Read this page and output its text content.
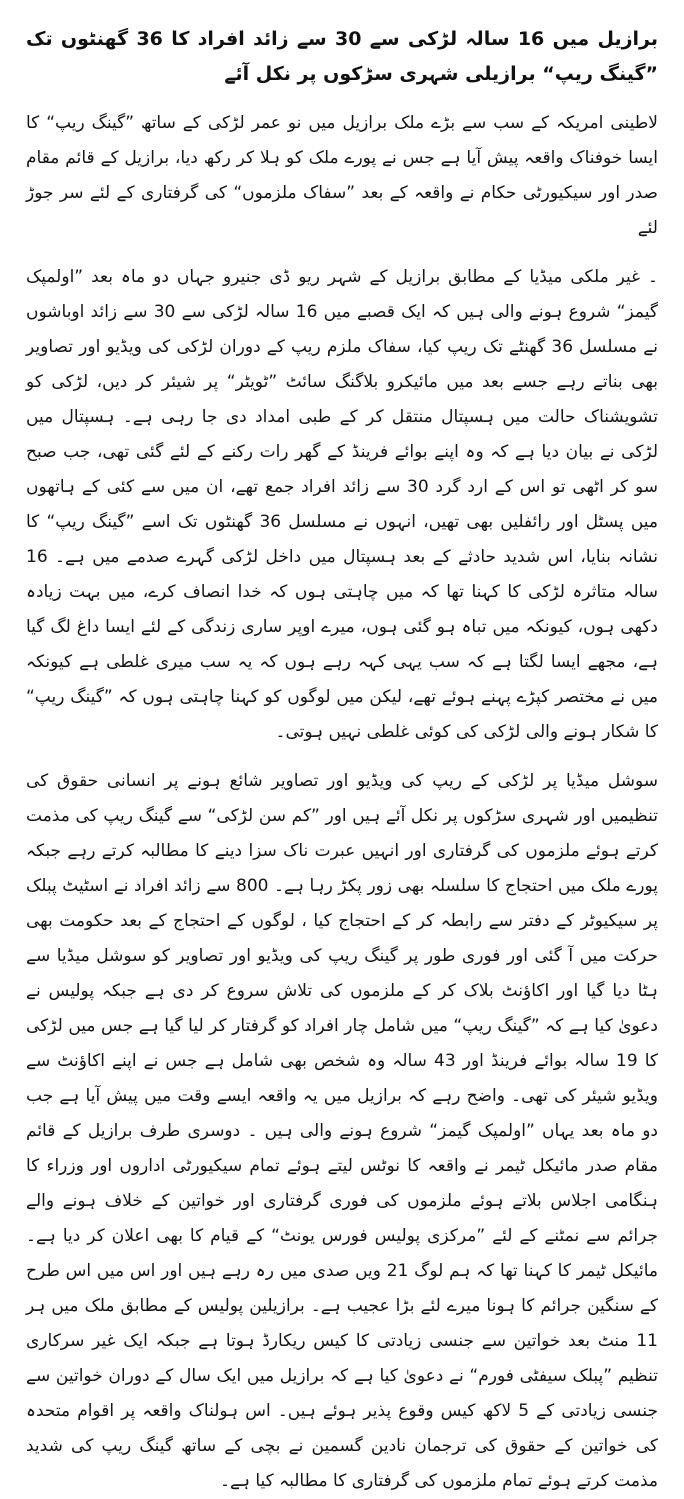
برازیل میں 16 سالہ لڑکی سے 30 سے زائد افراد کا 36 گھنٹوں تک ”گینگ ریپ“ برازیلی شہری سڑکوں پر نکل آئے

لاطینی امریکہ کے سب سے بڑے ملک برازیل میں نو عمر لڑکی کے ساتھ ”گینگ ریپ“ کا ایسا خوفناک واقعہ پیش آیا ہے جس نے پورے ملک کو ہلا کر رکھ دیا، برازیل کے قائم مقام صدر اور سیکیورٹی حکام نے واقعہ کے بعد ”سفاک ملزموں“ کی گرفتاری کے لئے سر جوڑ لئے

۔ غیر ملکی میڈیا کے مطابق برازیل کے شہر ریو ڈی جنیرو جہاں دو ماہ بعد ”اولمپک گیمز“ شروع ہونے والی ہیں کہ ایک قصبے میں 16 سالہ لڑکی سے 30 سے زائد اوباشوں نے مسلسل 36 گھنٹے تک ریپ کیا، سفاک ملزم ریپ کے دوران لڑکی کی ویڈیو اور تصاویر بھی بناتے رہے جسے بعد میں مائیکرو بلاگنگ سائٹ ”ٹویٹر“ پر شیئر کر دیں، لڑکی کو تشویشناک حالت میں ہسپتال منتقل کر کے طبی امداد دی جا رہی ہے۔ ہسپتال میں لڑکی نے بیان دیا ہے کہ وہ اپنے بوائے فرینڈ کے گھر رات رکنے کے لئے گئی تھی، جب صبح سو کر اٹھی تو اس کے ارد گرد 30 سے زائد افراد جمع تھے، ان میں سے کئی کے ہاتھوں میں پسٹل اور رائفلیں بھی تھیں، انہوں نے مسلسل 36 گھنٹوں تک اسے ”گینگ ریپ“ کا نشانہ بنایا، اس شدید حادثے کے بعد ہسپتال میں داخل لڑکی گہرے صدمے میں ہے۔ 16 سالہ متاثرہ لڑکی کا کہنا تھا کہ میں چاہتی ہوں کہ خدا انصاف کرے، میں بہت زیادہ دکھی ہوں، کیونکہ میں تباہ ہو گئی ہوں، میرے اوپر ساری زندگی کے لئے ایسا داغ لگ گیا ہے، مجھے ایسا لگتا ہے کہ سب یہی کہہ رہے ہوں کہ یہ سب میری غلطی ہے کیونکہ میں نے مختصر کپڑے پہنے ہوئے تھے، لیکن میں لوگوں کو کہنا چاہتی ہوں کہ ”گینگ ریپ“ کا شکار ہونے والی لڑکی کی کوئی غلطی نہیں ہوتی۔

سوشل میڈیا پر لڑکی کے ریپ کی ویڈیو اور تصاویر شائع ہونے پر انسانی حقوق کی تنظیمیں اور شہری سڑکوں پر نکل آئے ہیں اور ”کم سن لڑکی“ سے گینگ ریپ کی مذمت کرتے ہوئے ملزموں کی گرفتاری اور انہیں عبرت ناک سزا دینے کا مطالبہ کرتے رہے جبکہ پورے ملک میں احتجاج کا سلسلہ بھی زور پکڑ رہا ہے۔ 800 سے زائد افراد نے اسٹیٹ پبلک پر سیکیوٹر کے دفتر سے رابطہ کر کے احتجاج کیا ، لوگوں کے احتجاج کے بعد حکومت بھی حرکت میں آ گئی اور فوری طور پر گینگ ریپ کی ویڈیو اور تصاویر کو سوشل میڈیا سے ہٹا دیا گیا اور اکاؤنٹ بلاک کر کے ملزموں کی تلاش سروع کر دی ہے جبکہ پولیس نے دعویٰ کیا ہے کہ ”گینگ ریپ“ میں شامل چار افراد کو گرفتار کر لیا گیا ہے جس میں لڑکی کا 19 سالہ بوائے فرینڈ اور 43 سالہ وہ شخص بھی شامل ہے جس نے اپنے اکاؤنٹ سے ویڈیو شیئر کی تھی۔ واضح رہے کہ برازیل میں یہ واقعہ ایسے وقت میں پیش آیا ہے جب دو ماہ بعد یہاں ”اولمپک گیمز“ شروع ہونے والی ہیں ۔ دوسری طرف برازیل کے قائم مقام صدر مائیکل ٹیمر نے واقعہ کا نوٹس لیتے ہوئے تمام سیکیورٹی اداروں اور وزراء کا ہنگامی اجلاس بلاتے ہوئے ملزموں کی فوری گرفتاری اور خواتین کے خلاف ہونے والے جرائم سے نمٹنے کے لئے ”مرکزی پولیس فورس یونٹ“ کے قیام کا بھی اعلان کر دیا ہے۔ مائیکل ٹیمر کا کہنا تھا کہ ہم لوگ 21 ویں صدی میں رہ رہے ہیں اور اس میں اس طرح کے سنگین جرائم کا ہونا میرے لئے بڑا عجیب ہے۔ برازیلین پولیس کے مطابق ملک میں ہر 11 منٹ بعد خواتین سے جنسی زیادتی کا کیس ریکارڈ ہوتا ہے جبکہ ایک غیر سرکاری تنظیم ”پبلک سیفٹی فورم“ نے دعویٰ کیا ہے کہ برازیل میں ایک سال کے دوران خواتین سے جنسی زیادتی کے 5 لاکھ کیس وقوع پذیر ہوئے ہیں۔ اس ہولناک واقعہ پر اقوام متحدہ کی خواتین کے حقوق کی ترجمان نادین گسمین نے بچی کے ساتھ گینگ ریپ کی شدید مذمت کرتے ہوئے تمام ملزموں کی گرفتاری کا مطالبہ کیا ہے۔
